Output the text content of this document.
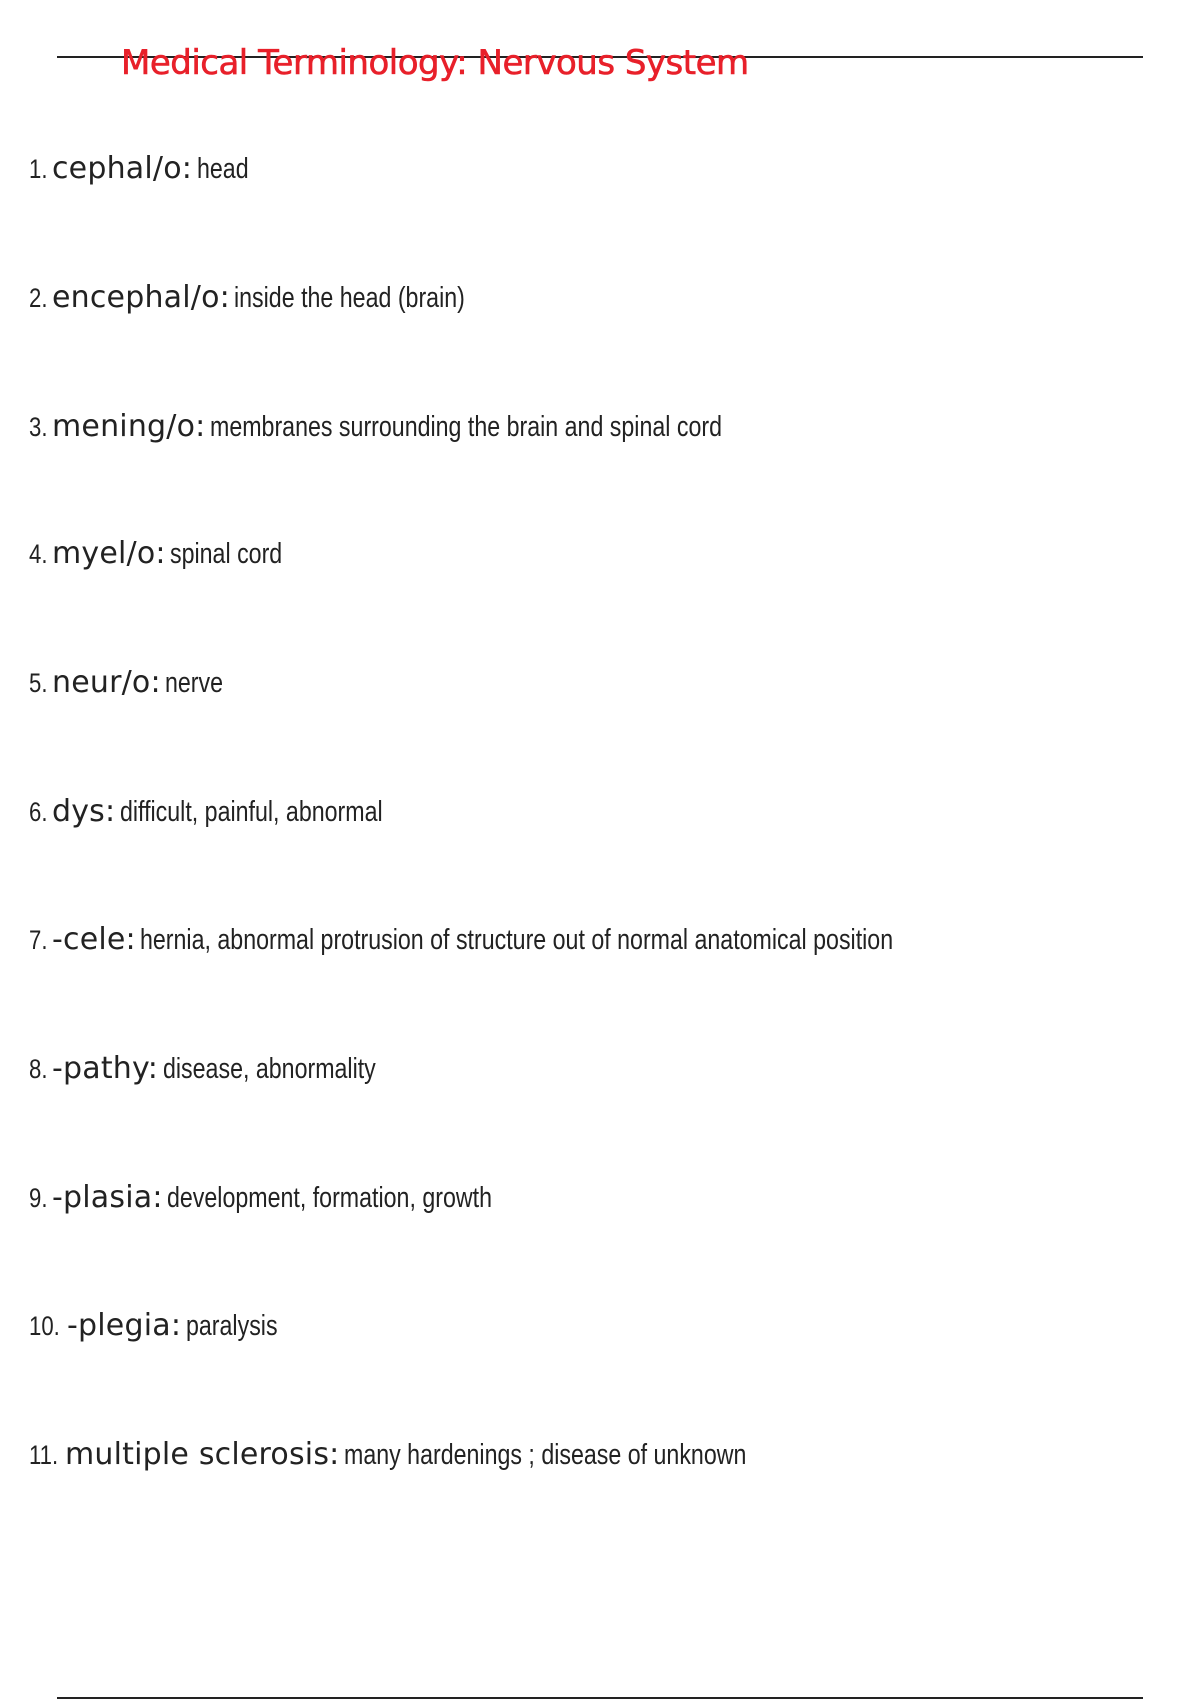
Medical Terminology: Nervous System
1. cephal/o: head
2. encephal/o: inside the head (brain)
3. mening/o: membranes surrounding the brain and spinal cord
4. myel/o: spinal cord
5. neur/o: nerve
6. dys: difficult, painful, abnormal
7. -cele: hernia, abnormal protrusion of structure out of normal anatomical position
8. -pathy: disease, abnormality
9. -plasia: development, formation, growth
10. -plegia: paralysis
11. multiple sclerosis: many hardenings ; disease of unknown
